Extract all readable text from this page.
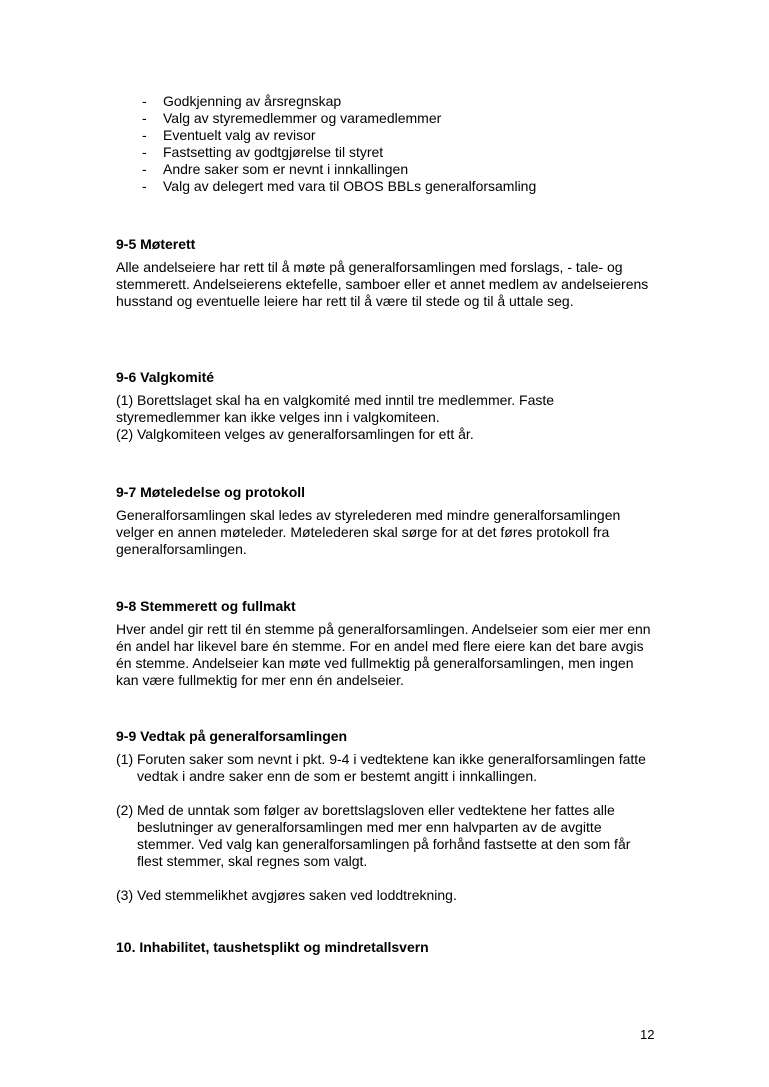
- Godkjenning av årsregnskap
- Valg av styremedlemmer og varamedlemmer
- Eventuelt valg av revisor
- Fastsetting av godtgjørelse til styret
- Andre saker som er nevnt i innkallingen
- Valg av delegert med vara til OBOS BBLs generalforsamling
9-5 Møterett

Alle andelseiere har rett til å møte på generalforsamlingen med forslags, - tale- og stemmerett. Andelseierens ektefelle, samboer eller et annet medlem av andelseierens husstand og eventuelle leiere har rett til å være til stede og til å uttale seg.

9-6 Valgkomité

(1) Borettslaget skal ha en valgkomité med inntil tre medlemmer. Faste styremedlemmer kan ikke velges inn i valgkomiteen.

(2) Valgkomiteen velges av generalforsamlingen for ett år.

9-7 Møteledelse og protokoll

Generalforsamlingen skal ledes av styrelederen med mindre generalforsamlingen velger en annen møteleder. Møtelederen skal sørge for at det føres protokoll fra generalforsamlingen.

9-8 Stemmerett og fullmakt

Hver andel gir rett til én stemme på generalforsamlingen. Andelseier som eier mer enn én andel har likevel bare én stemme. For en andel med flere eiere kan det bare avgis én stemme. Andelseier kan møte ved fullmektig på generalforsamlingen, men ingen kan være fullmektig for mer enn én andelseier.

9-9 Vedtak på generalforsamlingen
(1) Foruten saker som nevnt i pkt. 9-4 i vedtektene kan ikke generalforsamlingen fatte vedtak i andre saker enn de som er bestemt angitt i innkallingen.
(2) Med de unntak som følger av borettslagsloven eller vedtektene her fattes alle beslutninger av generalforsamlingen med mer enn halvparten av de avgitte stemmer. Ved valg kan generalforsamlingen på forhånd fastsette at den som får flest stemmer, skal regnes som valgt.
(3) Ved stemmelikhet avgjøres saken ved loddtrekning.
10. Inhabilitet, taushetsplikt og mindretallsvern
12
